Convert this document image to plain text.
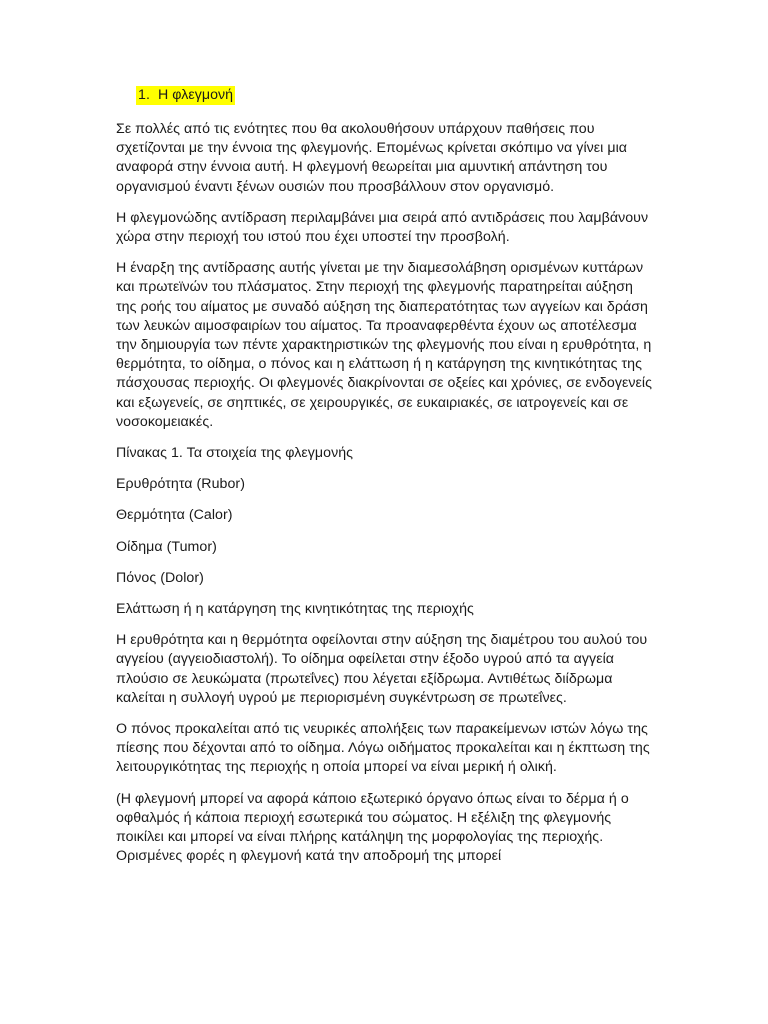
1. Η φλεγμονή

Σε πολλές από τις ενότητες που θα ακολουθήσουν υπάρχουν παθήσεις που σχετίζονται με την έννοια της φλεγμονής. Επομένως κρίνεται σκόπιμο να γίνει μια αναφορά στην έννοια αυτή. Η φλεγμονή θεωρείται μια αμυντική απάντηση του οργανισμού έναντι ξένων ουσιών που προσβάλλουν στον οργανισμό.

Η φλεγμονώδης αντίδραση περιλαμβάνει μια σειρά από αντιδράσεις που λαμβάνουν χώρα στην περιοχή του ιστού που έχει υποστεί την προσβολή.

Η έναρξη της αντίδρασης αυτής γίνεται με την διαμεσολάβηση ορισμένων κυττάρων και πρωτεϊνών του πλάσματος. Στην περιοχή της φλεγμονής παρατηρείται αύξηση της ροής του αίματος με συναδό αύξηση της διαπερατότητας των αγγείων και δράση των λευκών αιμοσφαιρίων του αίματος. Τα προαναφερθέντα έχουν ως αποτέλεσμα την δημιουργία των πέντε χαρακτηριστικών της φλεγμονής που είναι η ερυθρότητα, η θερμότητα, το οίδημα, ο πόνος και η ελάττωση ή η κατάργηση της κινητικότητας της πάσχουσας περιοχής. Οι φλεγμονές διακρίνονται σε οξείες και χρόνιες, σε ενδογενείς και εξωγενείς, σε σηπτικές, σε χειρουργικές, σε ευκαιριακές, σε ιατρογενείς και σε νοσοκομειακές.

Πίνακας 1. Τα στοιχεία της φλεγμονής

Ερυθρότητα (Rubor)

Θερμότητα (Calor)

Οίδημα (Tumor)

Πόνος (Dolor)

Ελάττωση ή η κατάργηση της κινητικότητας της περιοχής

Η ερυθρότητα και η θερμότητα οφείλονται στην αύξηση της διαμέτρου του αυλού του αγγείου (αγγειοδιαστολή). Το οίδημα οφείλεται στην έξοδο υγρού από τα αγγεία πλούσιο σε λευκώματα (πρωτεΐνες) που λέγεται εξίδρωμα. Αντιθέτως διίδρωμα καλείται η συλλογή υγρού με περιορισμένη συγκέντρωση σε πρωτεΐνες.

Ο πόνος προκαλείται από τις νευρικές απολήξεις των παρακείμενων ιστών λόγω της πίεσης που δέχονται από το οίδημα. Λόγω οιδήματος προκαλείται και η έκπτωση της λειτουργικότητας της περιοχής η οποία μπορεί να είναι μερική ή ολική.

(Η φλεγμονή μπορεί να αφορά κάποιο εξωτερικό όργανο όπως είναι το δέρμα ή ο οφθαλμός ή κάποια περιοχή εσωτερικά του σώματος. Η εξέλιξη της φλεγμονής ποικίλει και μπορεί να είναι πλήρης κατάληψη της μορφολογίας της περιοχής. Ορισμένες φορές η φλεγμονή κατά την αποδρομή της μπορεί
